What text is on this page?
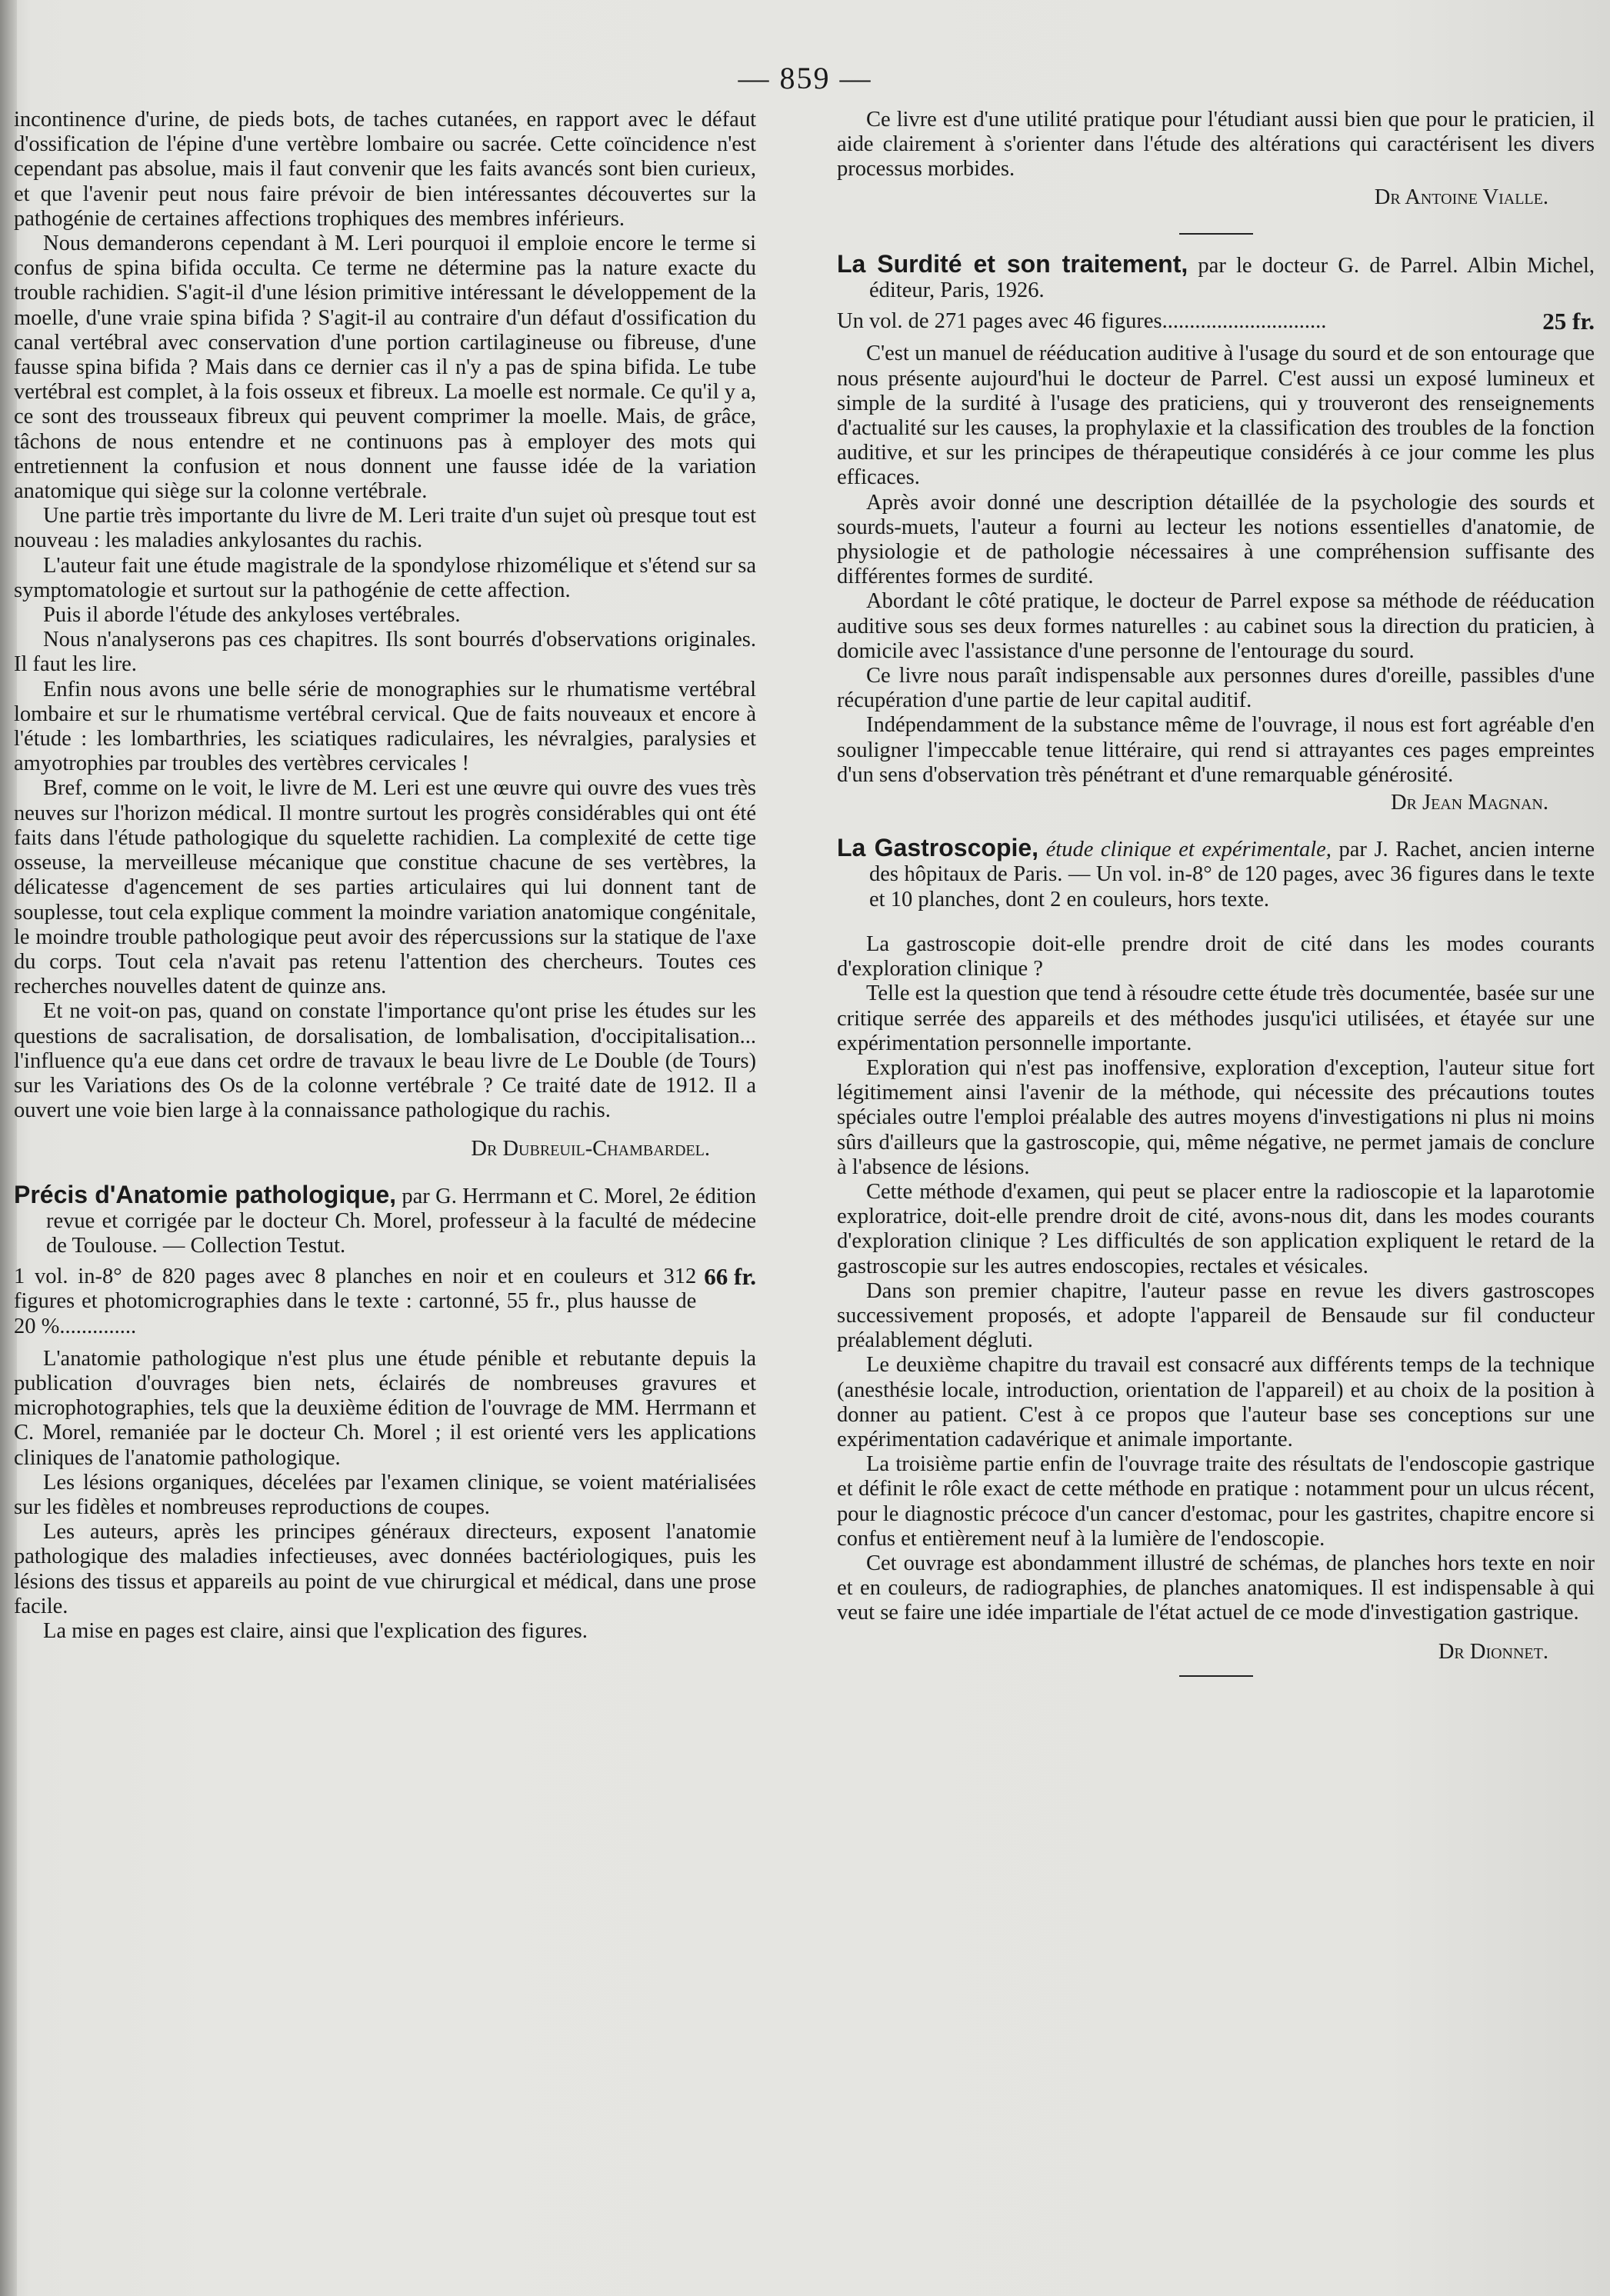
— 859 —

incontinence d'urine, de pieds bots, de taches cutanées, en rapport avec le défaut d'ossification de l'épine d'une vertèbre lombaire ou sacrée. Cette coïncidence n'est cependant pas absolue, mais il faut convenir que les faits avancés sont bien curieux, et que l'avenir peut nous faire prévoir de bien intéressantes découvertes sur la pathogénie de certaines affections trophiques des membres inférieurs.

Nous demanderons cependant à M. Leri pourquoi il emploie encore le terme si confus de spina bifida occulta. Ce terme ne détermine pas la nature exacte du trouble rachidien. S'agit-il d'une lésion primitive intéressant le développement de la moelle, d'une vraie spina bifida ? S'agit-il au contraire d'un défaut d'ossification du canal vertébral avec conservation d'une portion cartilagineuse ou fibreuse, d'une fausse spina bifida ? Mais dans ce dernier cas il n'y a pas de spina bifida. Le tube vertébral est complet, à la fois osseux et fibreux. La moelle est normale. Ce qu'il y a, ce sont des trousseaux fibreux qui peuvent comprimer la moelle. Mais, de grâce, tâchons de nous entendre et ne continuons pas à employer des mots qui entretiennent la confusion et nous donnent une fausse idée de la variation anatomique qui siège sur la colonne vertébrale.

Une partie très importante du livre de M. Leri traite d'un sujet où presque tout est nouveau : les maladies ankylosantes du rachis.

L'auteur fait une étude magistrale de la spondylose rhizomélique et s'étend sur sa symptomatologie et surtout sur la pathogénie de cette affection.

Puis il aborde l'étude des ankyloses vertébrales.

Nous n'analyserons pas ces chapitres. Ils sont bourrés d'observations originales. Il faut les lire.

Enfin nous avons une belle série de monographies sur le rhumatisme vertébral lombaire et sur le rhumatisme vertébral cervical. Que de faits nouveaux et encore à l'étude : les lombarthries, les sciatiques radiculaires, les névralgies, paralysies et amyotrophies par troubles des vertèbres cervicales !

Bref, comme on le voit, le livre de M. Leri est une œuvre qui ouvre des vues très neuves sur l'horizon médical. Il montre surtout les progrès considérables qui ont été faits dans l'étude pathologique du squelette rachidien. La complexité de cette tige osseuse, la merveilleuse mécanique que constitue chacune de ses vertèbres, la délicatesse d'agencement de ses parties articulaires qui lui donnent tant de souplesse, tout cela explique comment la moindre variation anatomique congénitale, le moindre trouble pathologique peut avoir des répercussions sur la statique de l'axe du corps. Tout cela n'avait pas retenu l'attention des chercheurs. Toutes ces recherches nouvelles datent de quinze ans.

Et ne voit-on pas, quand on constate l'importance qu'ont prise les études sur les questions de sacralisation, de dorsalisation, de lombalisation, d'occipitalisation... l'influence qu'a eue dans cet ordre de travaux le beau livre de Le Double (de Tours) sur les Variations des Os de la colonne vertébrale ? Ce traité date de 1912. Il a ouvert une voie bien large à la connaissance pathologique du rachis.

Dr Dubreuil-Chambardel.

Précis d'Anatomie pathologique, par G. Herrmann et C. Morel, 2e édition revue et corrigée par le docteur Ch. Morel, professeur à la faculté de médecine de Toulouse. — Collection Testut.

1 vol. in-8° de 820 pages avec 8 planches en noir et en couleurs et 312 figures et photomicrographies dans le texte : cartonné, 55 fr., plus hausse de 20 %..............
66 fr.

L'anatomie pathologique n'est plus une étude pénible et rebutante depuis la publication d'ouvrages bien nets, éclairés de nombreuses gravures et microphotographies, tels que la deuxième édition de l'ouvrage de MM. Herrmann et C. Morel, remaniée par le docteur Ch. Morel ; il est orienté vers les applications cliniques de l'anatomie pathologique.

Les lésions organiques, décelées par l'examen clinique, se voient matérialisées sur les fidèles et nombreuses reproductions de coupes.

Les auteurs, après les principes généraux directeurs, exposent l'anatomie pathologique des maladies infectieuses, avec données bactériologiques, puis les lésions des tissus et appareils au point de vue chirurgical et médical, dans une prose facile.

La mise en pages est claire, ainsi que l'explication des figures.

Ce livre est d'une utilité pratique pour l'étudiant aussi bien que pour le praticien, il aide clairement à s'orienter dans l'étude des altérations qui caractérisent les divers processus morbides.

Dr Antoine Vialle.

La Surdité et son traitement, par le docteur G. de Parrel. Albin Michel, éditeur, Paris, 1926.

Un vol. de 271 pages avec 46 figures..............................	25 fr.

C'est un manuel de rééducation auditive à l'usage du sourd et de son entourage que nous présente aujourd'hui le docteur de Parrel. C'est aussi un exposé lumineux et simple de la surdité à l'usage des praticiens, qui y trouveront des renseignements d'actualité sur les causes, la prophylaxie et la classification des troubles de la fonction auditive, et sur les principes de thérapeutique considérés à ce jour comme les plus efficaces.

Après avoir donné une description détaillée de la psychologie des sourds et sourds-muets, l'auteur a fourni au lecteur les notions essentielles d'anatomie, de physiologie et de pathologie nécessaires à une compréhension suffisante des différentes formes de surdité.

Abordant le côté pratique, le docteur de Parrel expose sa méthode de rééducation auditive sous ses deux formes naturelles : au cabinet sous la direction du praticien, à domicile avec l'assistance d'une personne de l'entourage du sourd.

Ce livre nous paraît indispensable aux personnes dures d'oreille, passibles d'une récupération d'une partie de leur capital auditif.

Indépendamment de la substance même de l'ouvrage, il nous est fort agréable d'en souligner l'impeccable tenue littéraire, qui rend si attrayantes ces pages empreintes d'un sens d'observation très pénétrant et d'une remarquable générosité.

Dr Jean Magnan.

La Gastroscopie, étude clinique et expérimentale, par J. Rachet, ancien interne des hôpitaux de Paris. — Un vol. in-8° de 120 pages, avec 36 figures dans le texte et 10 planches, dont 2 en couleurs, hors texte.

La gastroscopie doit-elle prendre droit de cité dans les modes courants d'exploration clinique ?

Telle est la question que tend à résoudre cette étude très documentée, basée sur une critique serrée des appareils et des méthodes jusqu'ici utilisées, et étayée sur une expérimentation personnelle importante.

Exploration qui n'est pas inoffensive, exploration d'exception, l'auteur situe fort légitimement ainsi l'avenir de la méthode, qui nécessite des précautions toutes spéciales outre l'emploi préalable des autres moyens d'investigations ni plus ni moins sûrs d'ailleurs que la gastroscopie, qui, même négative, ne permet jamais de conclure à l'absence de lésions.

Cette méthode d'examen, qui peut se placer entre la radioscopie et la laparotomie exploratrice, doit-elle prendre droit de cité, avons-nous dit, dans les modes courants d'exploration clinique ? Les difficultés de son application expliquent le retard de la gastroscopie sur les autres endoscopies, rectales et vésicales.

Dans son premier chapitre, l'auteur passe en revue les divers gastroscopes successivement proposés, et adopte l'appareil de Bensaude sur fil conducteur préalablement dégluti.

Le deuxième chapitre du travail est consacré aux différents temps de la technique (anesthésie locale, introduction, orientation de l'appareil) et au choix de la position à donner au patient. C'est à ce propos que l'auteur base ses conceptions sur une expérimentation cadavérique et animale importante.

La troisième partie enfin de l'ouvrage traite des résultats de l'endoscopie gastrique et définit le rôle exact de cette méthode en pratique : notamment pour un ulcus récent, pour le diagnostic précoce d'un cancer d'estomac, pour les gastrites, chapitre encore si confus et entièrement neuf à la lumière de l'endoscopie.

Cet ouvrage est abondamment illustré de schémas, de planches hors texte en noir et en couleurs, de radiographies, de planches anatomiques. Il est indispensable à qui veut se faire une idée impartiale de l'état actuel de ce mode d'investigation gastrique.

Dr Dionnet.
